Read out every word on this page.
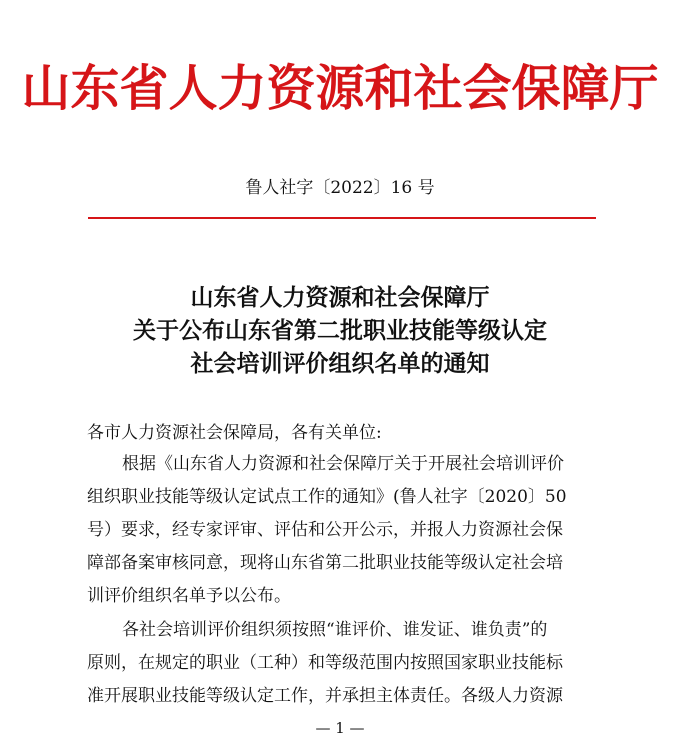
山东省人力资源和社会保障厅
鲁人社字〔2022〕16 号
山东省人力资源和社会保障厅
关于公布山东省第二批职业技能等级认定
社会培训评价组织名单的通知
各市人力资源社会保障局，各有关单位:
根据《山东省人力资源和社会保障厅关于开展社会培训评价
组织职业技能等级认定试点工作的通知》(鲁人社字〔2020〕50
号）要求，经专家评审、评估和公开公示，并报人力资源社会保
障部备案审核同意，现将山东省第二批职业技能等级认定社会培
训评价组织名单予以公布。
各社会培训评价组织须按照“谁评价、谁发证、谁负责”的
原则，在规定的职业（工种）和等级范围内按照国家职业技能标
准开展职业技能等级认定工作，并承担主体责任。各级人力资源
— 1 —
